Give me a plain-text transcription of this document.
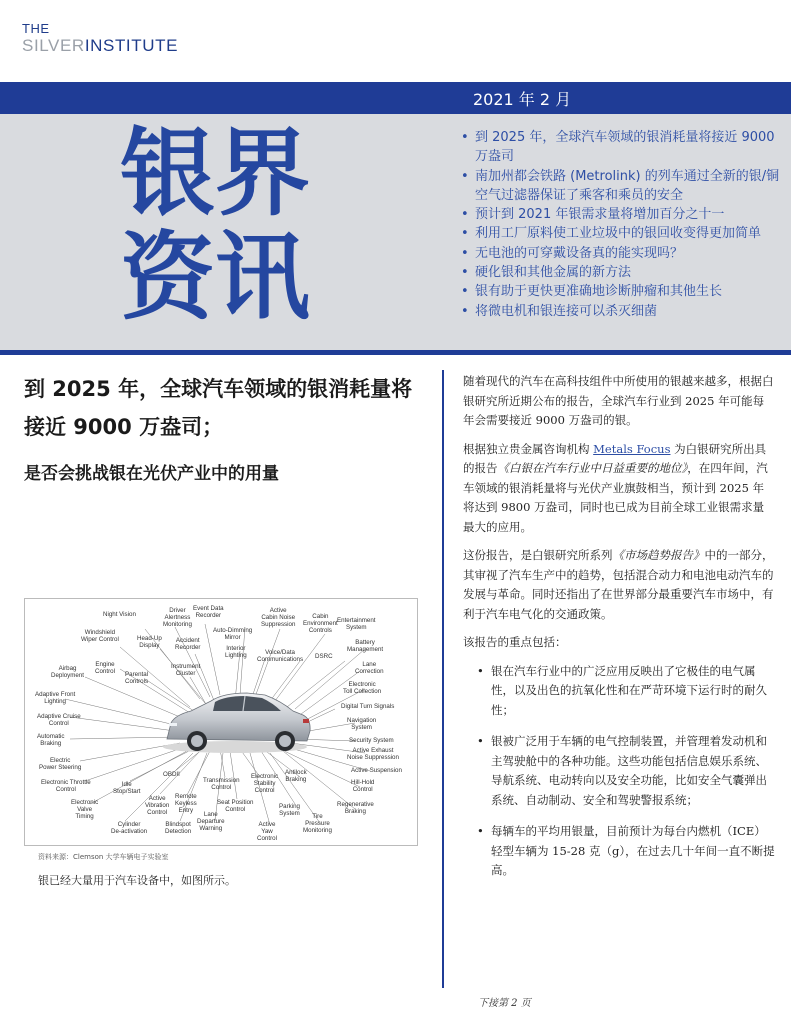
THE
SILVERINSTITUTE
2021 年 2 月
银界
资讯
• 到 2025 年，全球汽车领域的银消耗量将接近 9000 万盎司
• 南加州都会铁路 (Metrolink) 的列车通过全新的银/铜空气过滤器保证了乘客和乘员的安全
• 预计到 2021 年银需求量将增加百分之十一
• 利用工厂原料使工业垃圾中的银回收变得更加简单
• 无电池的可穿戴设备真的能实现吗？
• 硬化银和其他金属的新方法
• 银有助于更快更准确地诊断肿瘤和其他生长
• 将微电机和银连接可以杀灭细菌
到 2025 年，全球汽车领域的银消耗量将接近 9000 万盎司；
是否会挑战银在光伏产业中的用量
Night Vision
Driver
Alertness
Monitoring
Event Data
Recorder
Active
Cabin Noise
Suppression
Cabin
Environment
Controls
Entertainment
System
Windshield
Wiper Control	Head-Up
Display
Accident
Recorder
Auto-Dimming
Mirror
Interior
Lighting	Voice/Data
Communications DSRC
Battery
Management
Airbag
Deployment
Engine
Control Parental
Controls
Instrument
Cluster
Lane
Correction
Electronic
Toll Collection
Adaptive Front
Lighting
Digital Turn Signals
Adaptive Cruise
Control	Navigation
System
Automatic
Braking	Security System
Active Exhaust
Noise Suppression
Electric
Power Steering	Active Suspension
Electronic Throttle
Control
Idle
Stop/Start
OBDII
Transmission
Control
Electronic
Stability
Control
Antilock
Braking	Hill-Hold
Control
Electronic
Valve
Timing
Active
Vibration
Control
Remote
Keyless
Entry
Seat Position
Control	Parking
System
Regenerative
Braking
Cylinder
De-activation
Blindspot
Detection
Lane
Departure
Warning
Active
Yaw
Control
Tire
Pressure
Monitoring
资料来源：Clemson 大学车辆电子实验室
银已经大量用于汽车设备中，如图所示。

随着现代的汽车在高科技组件中所使用的银越来越多，根据白银研究所近期公布的报告，全球汽车行业到 2025 年可能每年会需要接近 9000 万盎司的银。

根据独立贵金属咨询机构 Metals Focus 为白银研究所出具的报告《白银在汽车行业中日益重要的地位》，在四年间，汽车领域的银消耗量将与光伏产业旗鼓相当，预计到 2025 年将达到 9800 万盎司，同时也已成为目前全球工业银需求量最大的应用。

这份报告，是白银研究所系列《市场趋势报告》中的一部分，其审视了汽车生产中的趋势，包括混合动力和电池电动汽车的发展与革命。同时还指出了在世界部分最重要汽车市场中，有利于汽车电气化的交通政策。

该报告的重点包括：

• 银在汽车行业中的广泛应用反映出了它极佳的电气属性，以及出色的抗氧化性和在严苛环境下运行时的耐久性；
• 银被广泛用于车辆的电气控制装置，并管理着发动机和主驾驶舱中的各种功能。这些功能包括信息娱乐系统、导航系统、电动转向以及安全功能，比如安全气囊弹出系统、自动制动、安全和驾驶警报系统；
• 每辆车的平均用银量，目前预计为每台内燃机（ICE）轻型车辆为 15-28 克（g），在过去几十年间一直不断提高。
下接第 2 页
